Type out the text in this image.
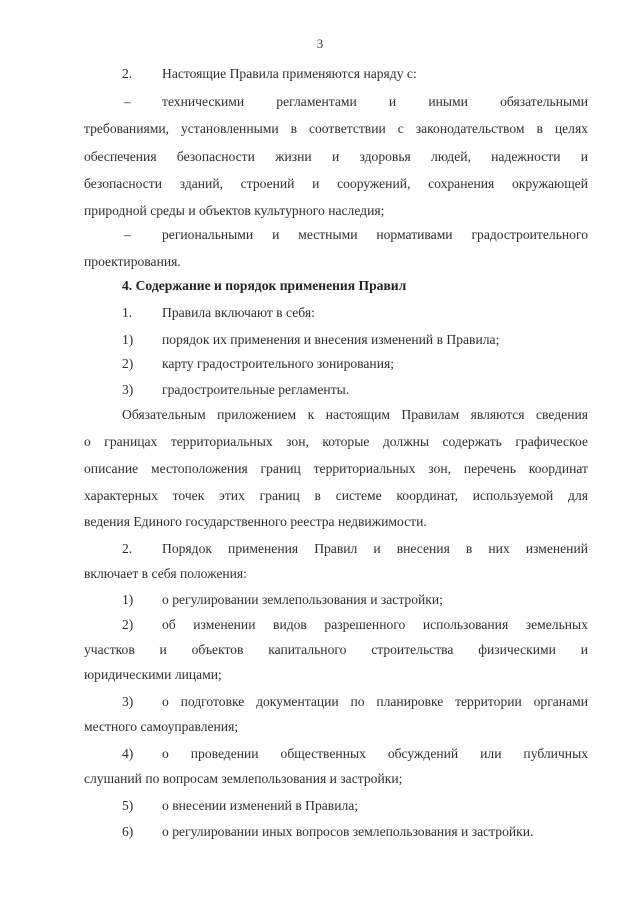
3
2. Настоящие Правила применяются наряду с:
– техническими регламентами и иными обязательными
требованиями, установленными в соответствии с законодательством в целях
обеспечения безопасности жизни и здоровья людей, надежности и
безопасности зданий, строений и сооружений, сохранения окружающей
природной среды и объектов культурного наследия;
– региональными и местными нормативами градостроительного
проектирования.
4. Содержание и порядок применения Правил
1. Правила включают в себя:
1) порядок их применения и внесения изменений в Правила;
2) карту градостроительного зонирования;
3) градостроительные регламенты.
Обязательным приложением к настоящим Правилам являются сведения
о границах территориальных зон, которые должны содержать графическое
описание местоположения границ территориальных зон, перечень координат
характерных точек этих границ в системе координат, используемой для
ведения Единого государственного реестра недвижимости.
2. Порядок применения Правил и внесения в них изменений
включает в себя положения:
1) о регулировании землепользования и застройки;
2) об изменении видов разрешенного использования земельных
участков и объектов капитального строительства физическими и
юридическими лицами;
3) о подготовке документации по планировке территории органами
местного самоуправления;
4) о проведении общественных обсуждений или публичных
слушаний по вопросам землепользования и застройки;
5) о внесении изменений в Правила;
6) о регулировании иных вопросов землепользования и застройки.
